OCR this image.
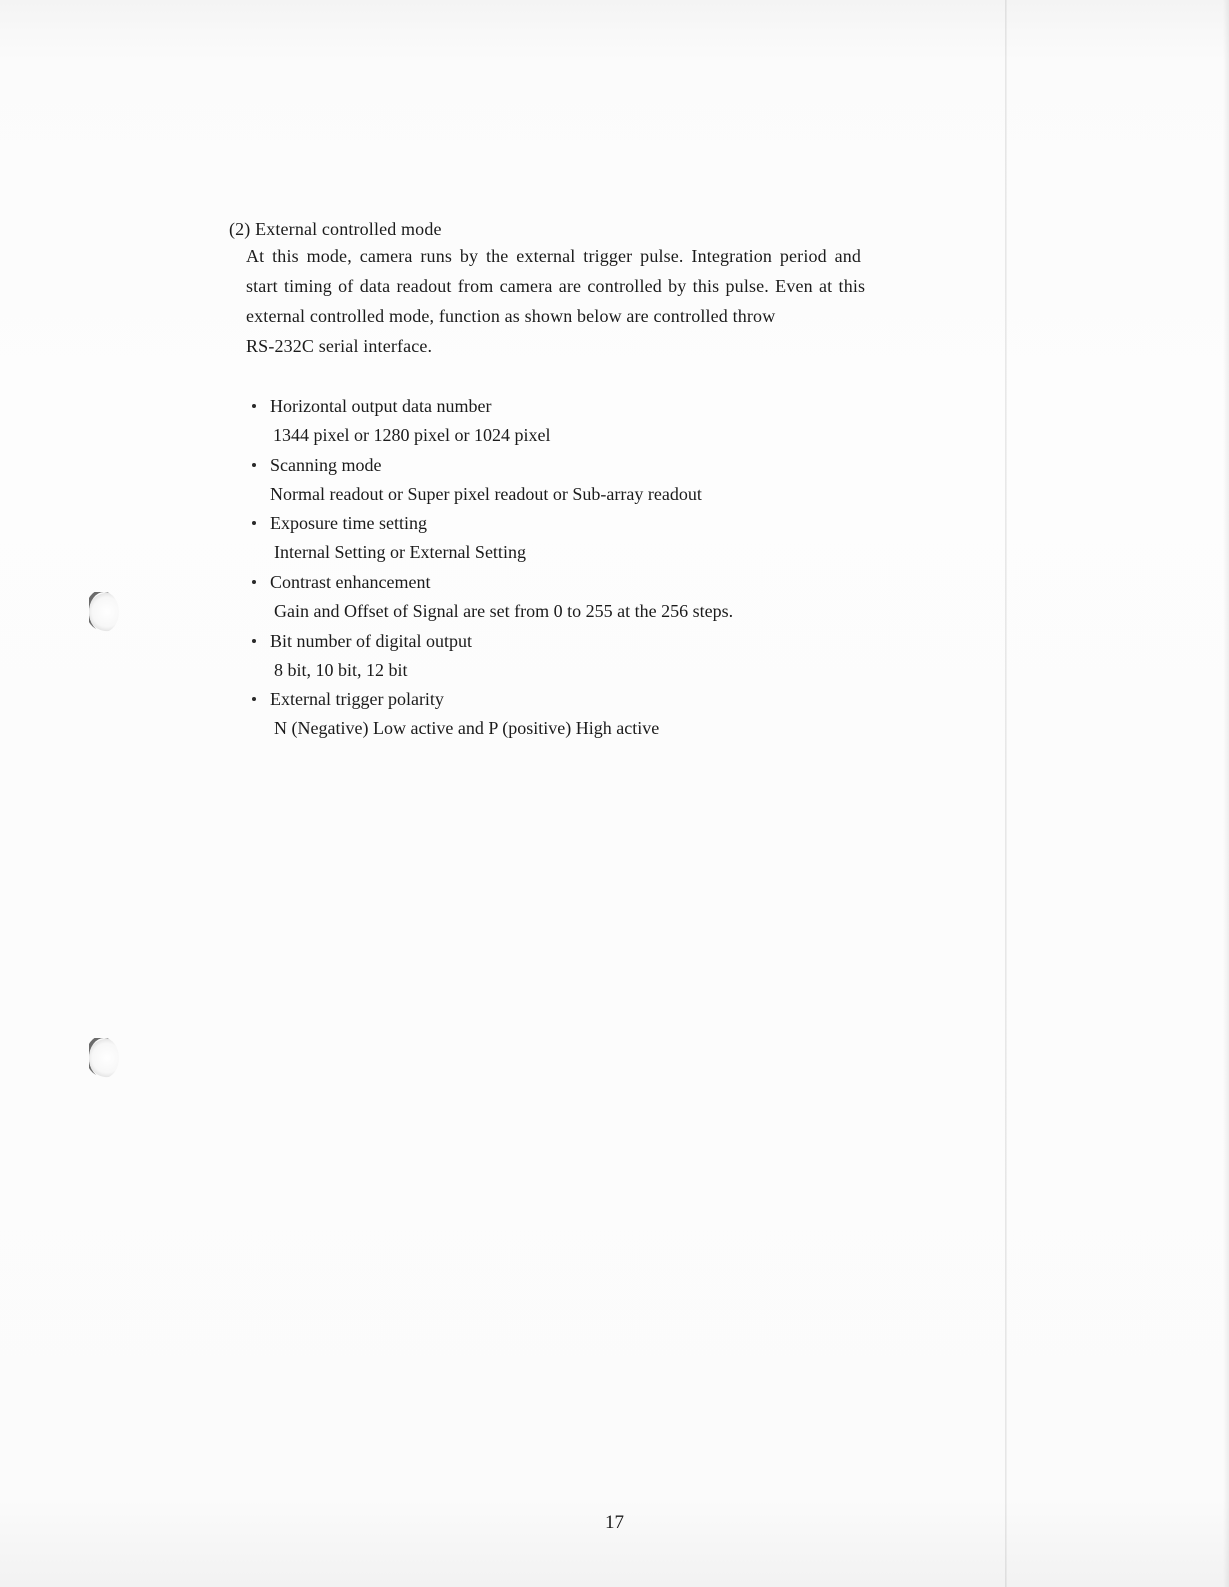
(2) External controlled mode
At this mode, camera runs by the external trigger pulse. Integration period and
start timing of data readout from camera are controlled by this pulse. Even at this
external controlled mode, function as shown below are controlled throw
RS-232C serial interface.
Horizontal output data number
1344 pixel or 1280 pixel or 1024 pixel
Scanning mode
Normal readout or Super pixel readout or Sub-array readout
Exposure time setting
Internal Setting or External Setting
Contrast enhancement
Gain and Offset of Signal are set from 0 to 255 at the 256 steps.
Bit number of digital output
8 bit, 10 bit, 12 bit
External trigger polarity
N (Negative) Low active and P (positive) High active
17
